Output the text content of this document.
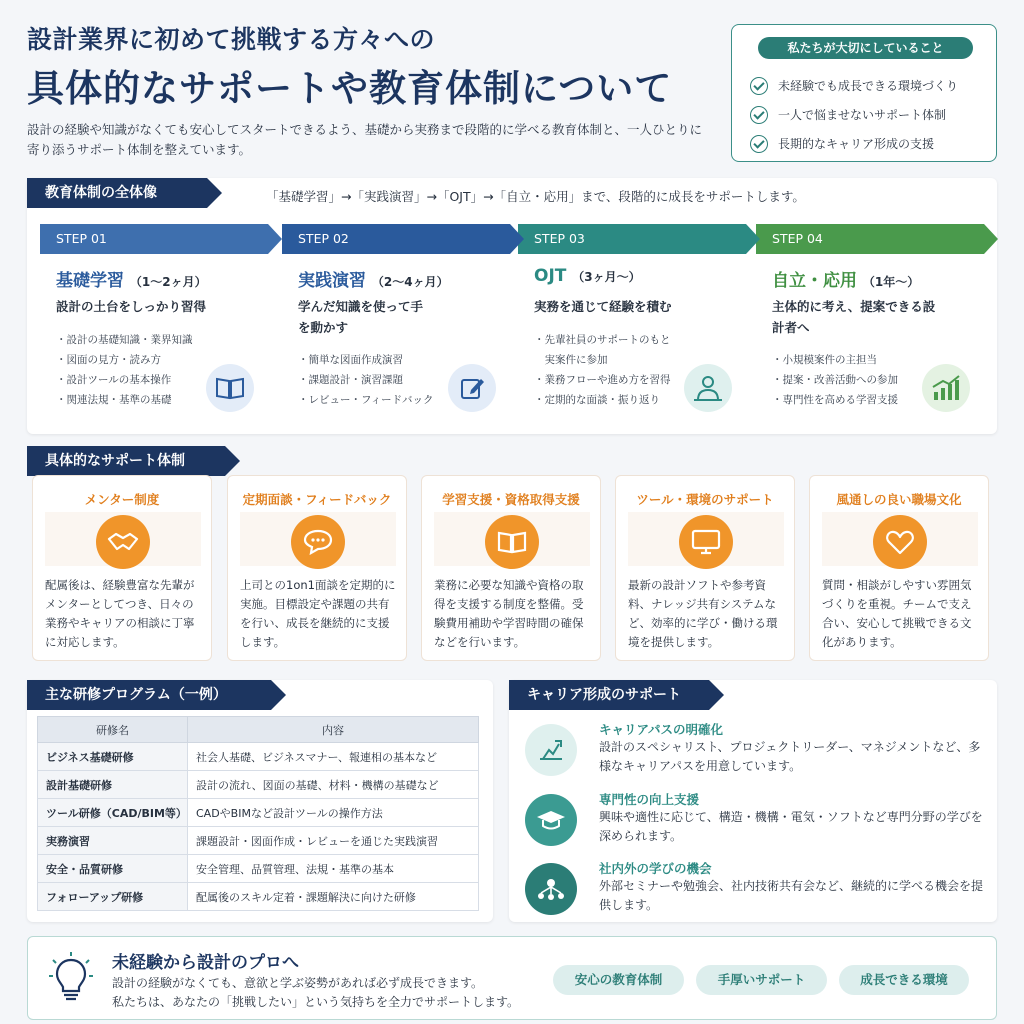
設計業界に初めて挑戦する方々への
具体的なサポートや教育体制について
設計の経験や知識がなくても安心してスタートできるよう、基礎から実務まで段階的に学べる教育体制と、一人ひとりに寄り添うサポート体制を整えています。
私たちが大切にしていること
未経験でも成長できる環境づくり
一人で悩ませないサポート体制
長期的なキャリア形成の支援
教育体制の全体像	「基礎学習」→「実践演習」→「OJT」→「自立・応用」まで、段階的に成長をサポートします。
STEP 01
基礎学習 （1〜2ヶ月）
設計の土台をしっかり習得
・設計の基礎知識・業界知識
・図面の見方・読み方
・設計ツールの基本操作
・関連法規・基準の基礎
STEP 02
実践演習 （2〜4ヶ月）
学んだ知識を使って手を動かす
・簡単な図面作成演習
・課題設計・演習課題
・レビュー・フィードバック
STEP 03
OJT （3ヶ月〜）
実務を通じて経験を積む
・先輩社員のサポートのもと
　実案件に参加
・業務フローや進め方を習得
・定期的な面談・振り返り
STEP 04
自立・応用 （1年〜）
主体的に考え、提案できる設計者へ
・小規模案件の主担当
・提案・改善活動への参加
・専門性を高める学習支援
具体的なサポート体制
メンター制度
配属後は、経験豊富な先輩がメンターとしてつき、日々の業務やキャリアの相談に丁寧に対応します。
定期面談・フィードバック
上司との1on1面談を定期的に実施。目標設定や課題の共有を行い、成長を継続的に支援します。
学習支援・資格取得支援
業務に必要な知識や資格の取得を支援する制度を整備。受験費用補助や学習時間の確保などを行います。
ツール・環境のサポート
最新の設計ソフトや参考資料、ナレッジ共有システムなど、効率的に学び・働ける環境を提供します。
風通しの良い職場文化
質問・相談がしやすい雰囲気づくりを重視。チームで支え合い、安心して挑戦できる文化があります。
主な研修プログラム（一例）
研修名	内容
ビジネス基礎研修	社会人基礎、ビジネスマナー、報連相の基本など
設計基礎研修	設計の流れ、図面の基礎、材料・機構の基礎など
ツール研修（CAD/BIM等）	CADやBIMなど設計ツールの操作方法
実務演習	課題設計・図面作成・レビューを通じた実践演習
安全・品質研修	安全管理、品質管理、法規・基準の基本
フォローアップ研修	配属後のスキル定着・課題解決に向けた研修
キャリア形成のサポート
キャリアパスの明確化
設計のスペシャリスト、プロジェクトリーダー、マネジメントなど、多様なキャリアパスを用意しています。
専門性の向上支援
興味や適性に応じて、構造・機構・電気・ソフトなど専門分野の学びを深められます。
社内外の学びの機会
外部セミナーや勉強会、社内技術共有会など、継続的に学べる機会を提供します。
未経験から設計のプロへ
設計の経験がなくても、意欲と学ぶ姿勢があれば必ず成長できます。
私たちは、あなたの「挑戦したい」という気持ちを全力でサポートします。
安心の教育体制	手厚いサポート	成長できる環境
